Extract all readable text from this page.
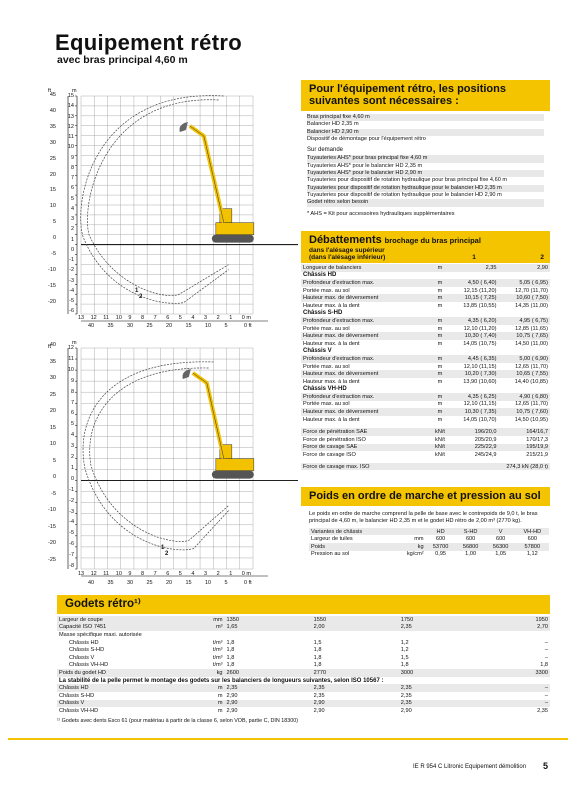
Equipement rétro
avec bras principal 4,60 m
ft	m
45
40
35
30
25
20
15
10
5
0
-5
-10
-15
-20
15
14
13
12
11
10
9
8
7
6
5
4
3
2
1
0
-1
-2
-3
-4
-5
-6
13 12 11 10 9 8 7 6 5 4 3 2 1 0 m
40 35 30 25 20 15 10 5	0 ft
1
2
ft
m
40
35
30
25
20
15
10
5
0
-5
-10
-15
-20
-25
12
11
10
9
8
7
6
5
4
3
2
1
0
-1
-2
-3
-4
-5
-6
-7
-8
13 12 11 10 9 8 7 6 5 4 3 2 1 0 m
40 35 30 25 20 15 10 5	0 ft
1
2
Pour l'équipement rétro, les positions suivantes sont nécessaires :
Bras principal fixe 4,60 m
Balancier HD 2,35 m
Balancier HD 2,90 m
Dispositif de démontage pour l'équipement rétro
Sur demande
Tuyauteries AHS* pour bras principal fixe 4,60 m
Tuyauteries AHS* pour le balancier HD 2,35 m
Tuyauteries AHS* pour le balancier HD 2,90 m
Tuyauteries pour dispositif de rotation hydraulique pour bras principal fixe 4,60 m
Tuyauteries pour dispositif de rotation hydraulique pour le balancier HD 2,35 m
Tuyauteries pour dispositif de rotation hydraulique pour le balancier HD 2,90 m
Godet rétro selon besoin
* AHS = Kit pour accessoires hydrauliques supplémentaires
Débattements brochage du bras principal
dans l'alésage supérieur
(dans l'alésage inférieur)	1	2
Longueur de balanciers	m	2,35	2,90
Châssis HD			
Profondeur d'extraction max.	m	4,50 ( 6,40)	5,05 ( 6,95)
Portée max. au sol	m	12,15 (11,20)	12,70 (11,70)
Hauteur max. de déversement	m	10,15 ( 7,25)	10,60 ( 7,50)
Hauteur max. à la dent	m	13,85 (10,55)	14,35 (11,00)
Châssis S-HD			
Profondeur d'extraction max.	m	4,35 ( 6,20)	4,95 ( 6,75)
Portée max. au sol	m	12,10 (11,20)	12,85 (11,65)
Hauteur max. de déversement	m	10,30 ( 7,40)	10,75 ( 7,65)
Hauteur max. à la dent	m	14,05 (10,75)	14,50 (11,00)
Châssis V			
Profondeur d'extraction max.	m	4,45 ( 6,35)	5,00 ( 6,90)
Portée max. au sol	m	12,10 (11,15)	12,65 (11,70)
Hauteur max. de déversement	m	10,20 ( 7,30)	10,65 ( 7,55)
Hauteur max. à la dent	m	13,90 (10,60)	14,40 (10,85)
Châssis VH-HD			
Profondeur d'extraction max.	m	4,35 ( 6,25)	4,90 ( 6,80)
Portée max. au sol	m	12,10 (11,15)	12,65 (11,70)
Hauteur max. de déversement	m	10,30 ( 7,35)	10,75 ( 7,60)
Hauteur max. à la dent	m	14,05 (10,70)	14,50 (10,95)

Force de pénétration SAE	kN/t	196/20,0	164/16,7
Force de pénétration ISO	kN/t	205/20,9	170/17,3
Force de cavage SAE	kN/t	225/22,9	195/19,9
Force de cavage ISO	kN/t	245/24,9	215/21,9

Force de cavage max. ISO	274,3 kN (28,0 t)		
Poids en ordre de marche et pression au sol
Le poids en ordre de marche comprend la pelle de base avec le contrepoids de 9,0 t, le bras principal de 4,60 m, le balancier HD 2,35 m et le godet HD rétro de 2,00 m³ (2770 kg).
Variantes de châssis		HD	S-HD	V	VH-HD
Largeur de tuiles	mm	600	600	600	600
Poids	kg	53700	56800	56300	57800
Pression au sol	kg/cm²	0,95	1,00	1,05	1,12
Godets rétro¹⁾
Largeur de coupe	mm	1350	1550	1750	1950
Capacité ISO 7451	m³	1,65	2,00	2,35	2,70
Masse spécifique maxi. autorisée					
Châssis HD	t/m³	1,8	1,5	1,2	–
Châssis S-HD	t/m³	1,8	1,8	1,2	–
Châssis V	t/m³	1,8	1,8	1,5	–
Châssis VH-HD	t/m³	1,8	1,8	1,8	1,8
Poids du godet HD	kg	2600	2770	3000	3300
La stabilité de la pelle permet le montage des godets sur les balanciers de longueurs suivantes, selon ISO 10567 :					
Châssis HD	m	2,35	2,35	2,35	–
Châssis S-HD	m	2,90	2,35	2,35	–
Châssis V	m	2,90	2,90	2,35	–
Châssis VH-HD	m	2,90	2,90	2,90	2,35
¹⁾ Godets avec dents Esco 61 (pour matériau à partir de la classe 6, selon VOB, partie C, DIN 18300)
IE R 954 C Litronic Equipement démolition 5
